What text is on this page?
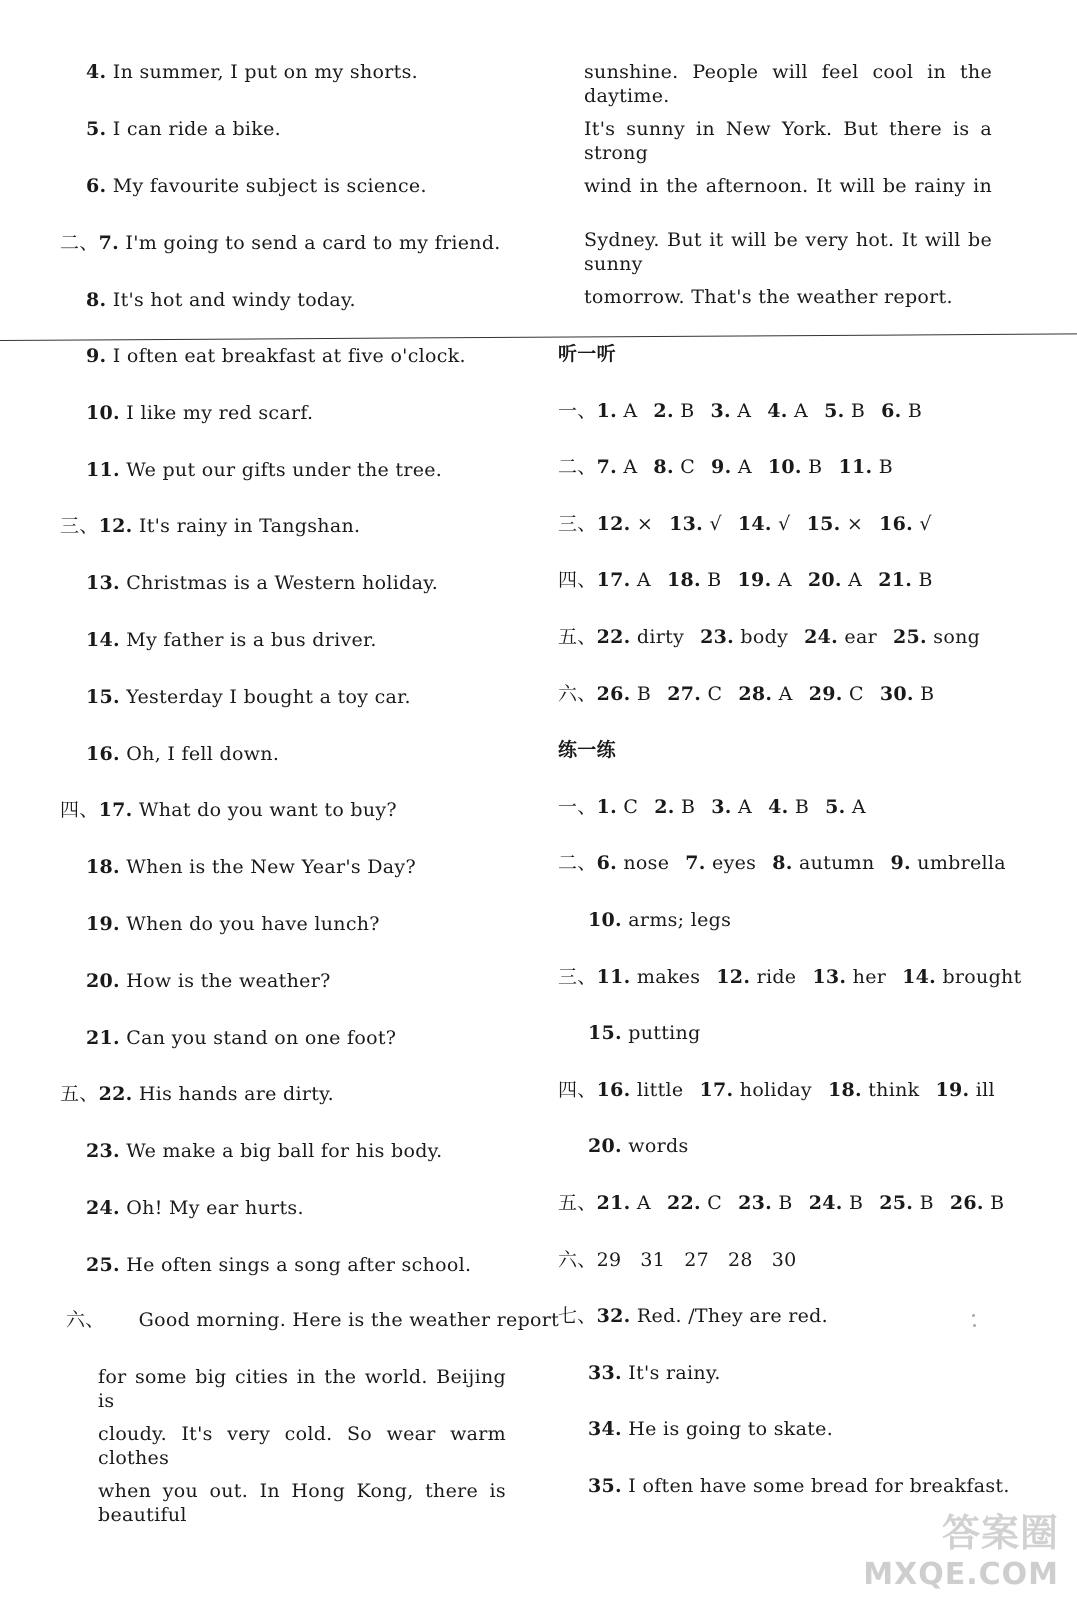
4. In summer, I put on my shorts.
5. I can ride a bike.
6. My favourite subject is science.
二、7. I'm going to send a card to my friend.
8. It's hot and windy today.
sunshine. People will feel cool in the daytime.
It's sunny in New York. But there is a strong
wind in the afternoon. It will be rainy in
Sydney. But it will be very hot. It will be sunny
tomorrow. That's the weather report.
9. I often eat breakfast at five o'clock.
10. I like my red scarf.
11. We put our gifts under the tree.
三、12. It's rainy in Tangshan.
13. Christmas is a Western holiday.
14. My father is a bus driver.
15. Yesterday I bought a toy car.
16. Oh, I fell down.
四、17. What do you want to buy?
18. When is the New Year's Day?
19. When do you have lunch?
20. How is the weather?
21. Can you stand on one foot?
五、22. His hands are dirty.
23. We make a big ball for his body.
24. Oh! My ear hurts.
25. He often sings a song after school.
六、 Good morning. Here is the weather report
for some big cities in the world. Beijing is
cloudy. It's very cold. So wear warm clothes
when you out. In Hong Kong, there is beautiful
听一听
一、1. A 2. B 3. A 4. A 5. B 6. B
二、7. A 8. C 9. A 10. B 11. B
三、12. × 13. √ 14. √ 15. × 16. √
四、17. A 18. B 19. A 20. A 21. B
五、22. dirty 23. body 24. ear 25. song
六、26. B 27. C 28. A 29. C 30. B
练一练
一、1. C 2. B 3. A 4. B 5. A
二、6. nose 7. eyes 8. autumn 9. umbrella
10. arms; legs
三、11. makes 12. ride 13. her 14. brought
15. putting
四、16. little 17. holiday 18. think 19. ill
20. words
五、21. A 22. C 23. B 24. B 25. B 26. B
六、29   31   27   28   30
七、32. Red. /They are red.
33. It's rainy.
34. He is going to skate.
35. I often have some bread for breakfast.
答案圈
MXQE.COM
